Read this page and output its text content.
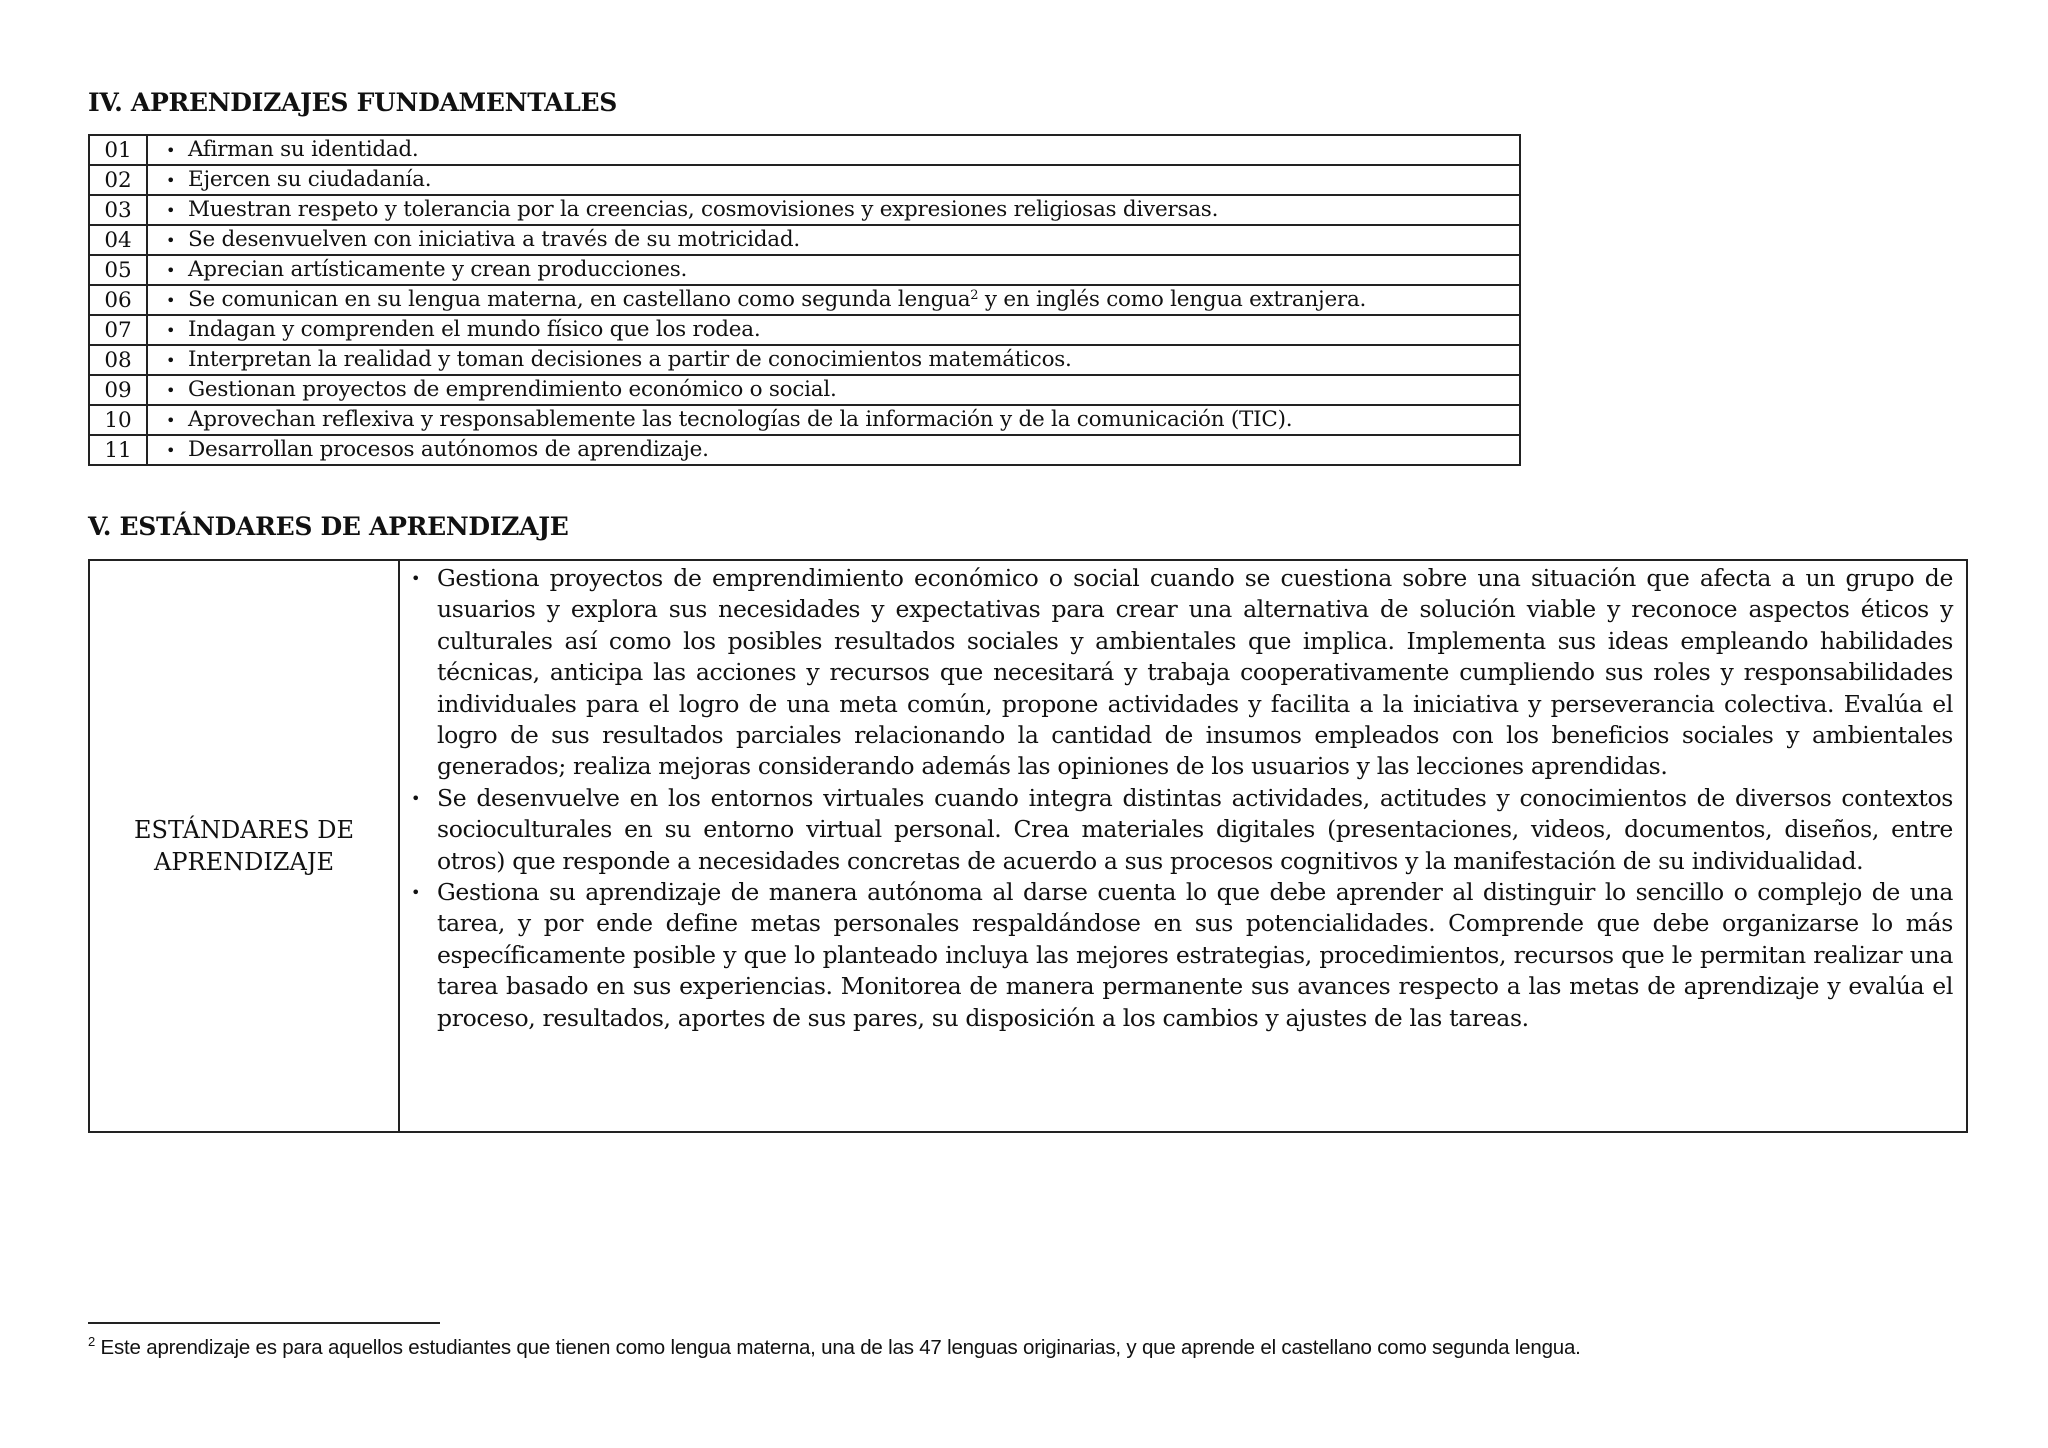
IV. APRENDIZAJES FUNDAMENTALES
01	• Afirman su identidad.
02	• Ejercen su ciudadanía.
03	• Muestran respeto y tolerancia por la creencias, cosmovisiones y expresiones religiosas diversas.
04	• Se desenvuelven con iniciativa a través de su motricidad.
05	• Aprecian artísticamente y crean producciones.
06	• Se comunican en su lengua materna, en castellano como segunda lengua$^2$ y en inglés como lengua extranjera.
07	• Indagan y comprenden el mundo físico que los rodea.
08	• Interpretan la realidad y toman decisiones a partir de conocimientos matemáticos.
09	• Gestionan proyectos de emprendimiento económico o social.
10	• Aprovechan reflexiva y responsablemente las tecnologías de la información y de la comunicación (TIC).
11	• Desarrollan procesos autónomos de aprendizaje.
V. ESTÁNDARES DE APRENDIZAJE
ESTÁNDARES DE
APRENDIZAJE

• Gestiona proyectos de emprendimiento económico o social cuando se cuestiona sobre una situación que afecta a un grupo de usuarios y explora sus necesidades y expectativas para crear una alternativa de solución viable y reconoce aspectos éticos y culturales así como los posibles resultados sociales y ambientales que implica. Implementa sus ideas empleando habilidades técnicas, anticipa las acciones y recursos que necesitará y trabaja cooperativamente cumpliendo sus roles y responsabilidades individuales para el logro de una meta común, propone actividades y facilita a la iniciativa y perseverancia colectiva. Evalúa el logro de sus resultados parciales relacionando la cantidad de insumos empleados con los beneficios sociales y ambientales generados; realiza mejoras considerando además las opiniones de los usuarios y las lecciones aprendidas.
• Se desenvuelve en los entornos virtuales cuando integra distintas actividades, actitudes y conocimientos de diversos contextos socioculturales en su entorno virtual personal. Crea materiales digitales (presentaciones, videos, documentos, diseños, entre otros) que responde a necesidades concretas de acuerdo a sus procesos cognitivos y la manifestación de su individualidad.
• Gestiona su aprendizaje de manera autónoma al darse cuenta lo que debe aprender al distinguir lo sencillo o complejo de una tarea, y por ende define metas personales respaldándose en sus potencialidades. Comprende que debe organizarse lo más específicamente posible y que lo planteado incluya las mejores estrategias, procedimientos, recursos que le permitan realizar una tarea basado en sus experiencias. Monitorea de manera permanente sus avances respecto a las metas de aprendizaje y evalúa el proceso, resultados, aportes de sus pares, su disposición a los cambios y ajustes de las tareas.
$^2$ Este aprendizaje es para aquellos estudiantes que tienen como lengua materna, una de las 47 lenguas originarias, y que aprende el castellano como segunda lengua.
